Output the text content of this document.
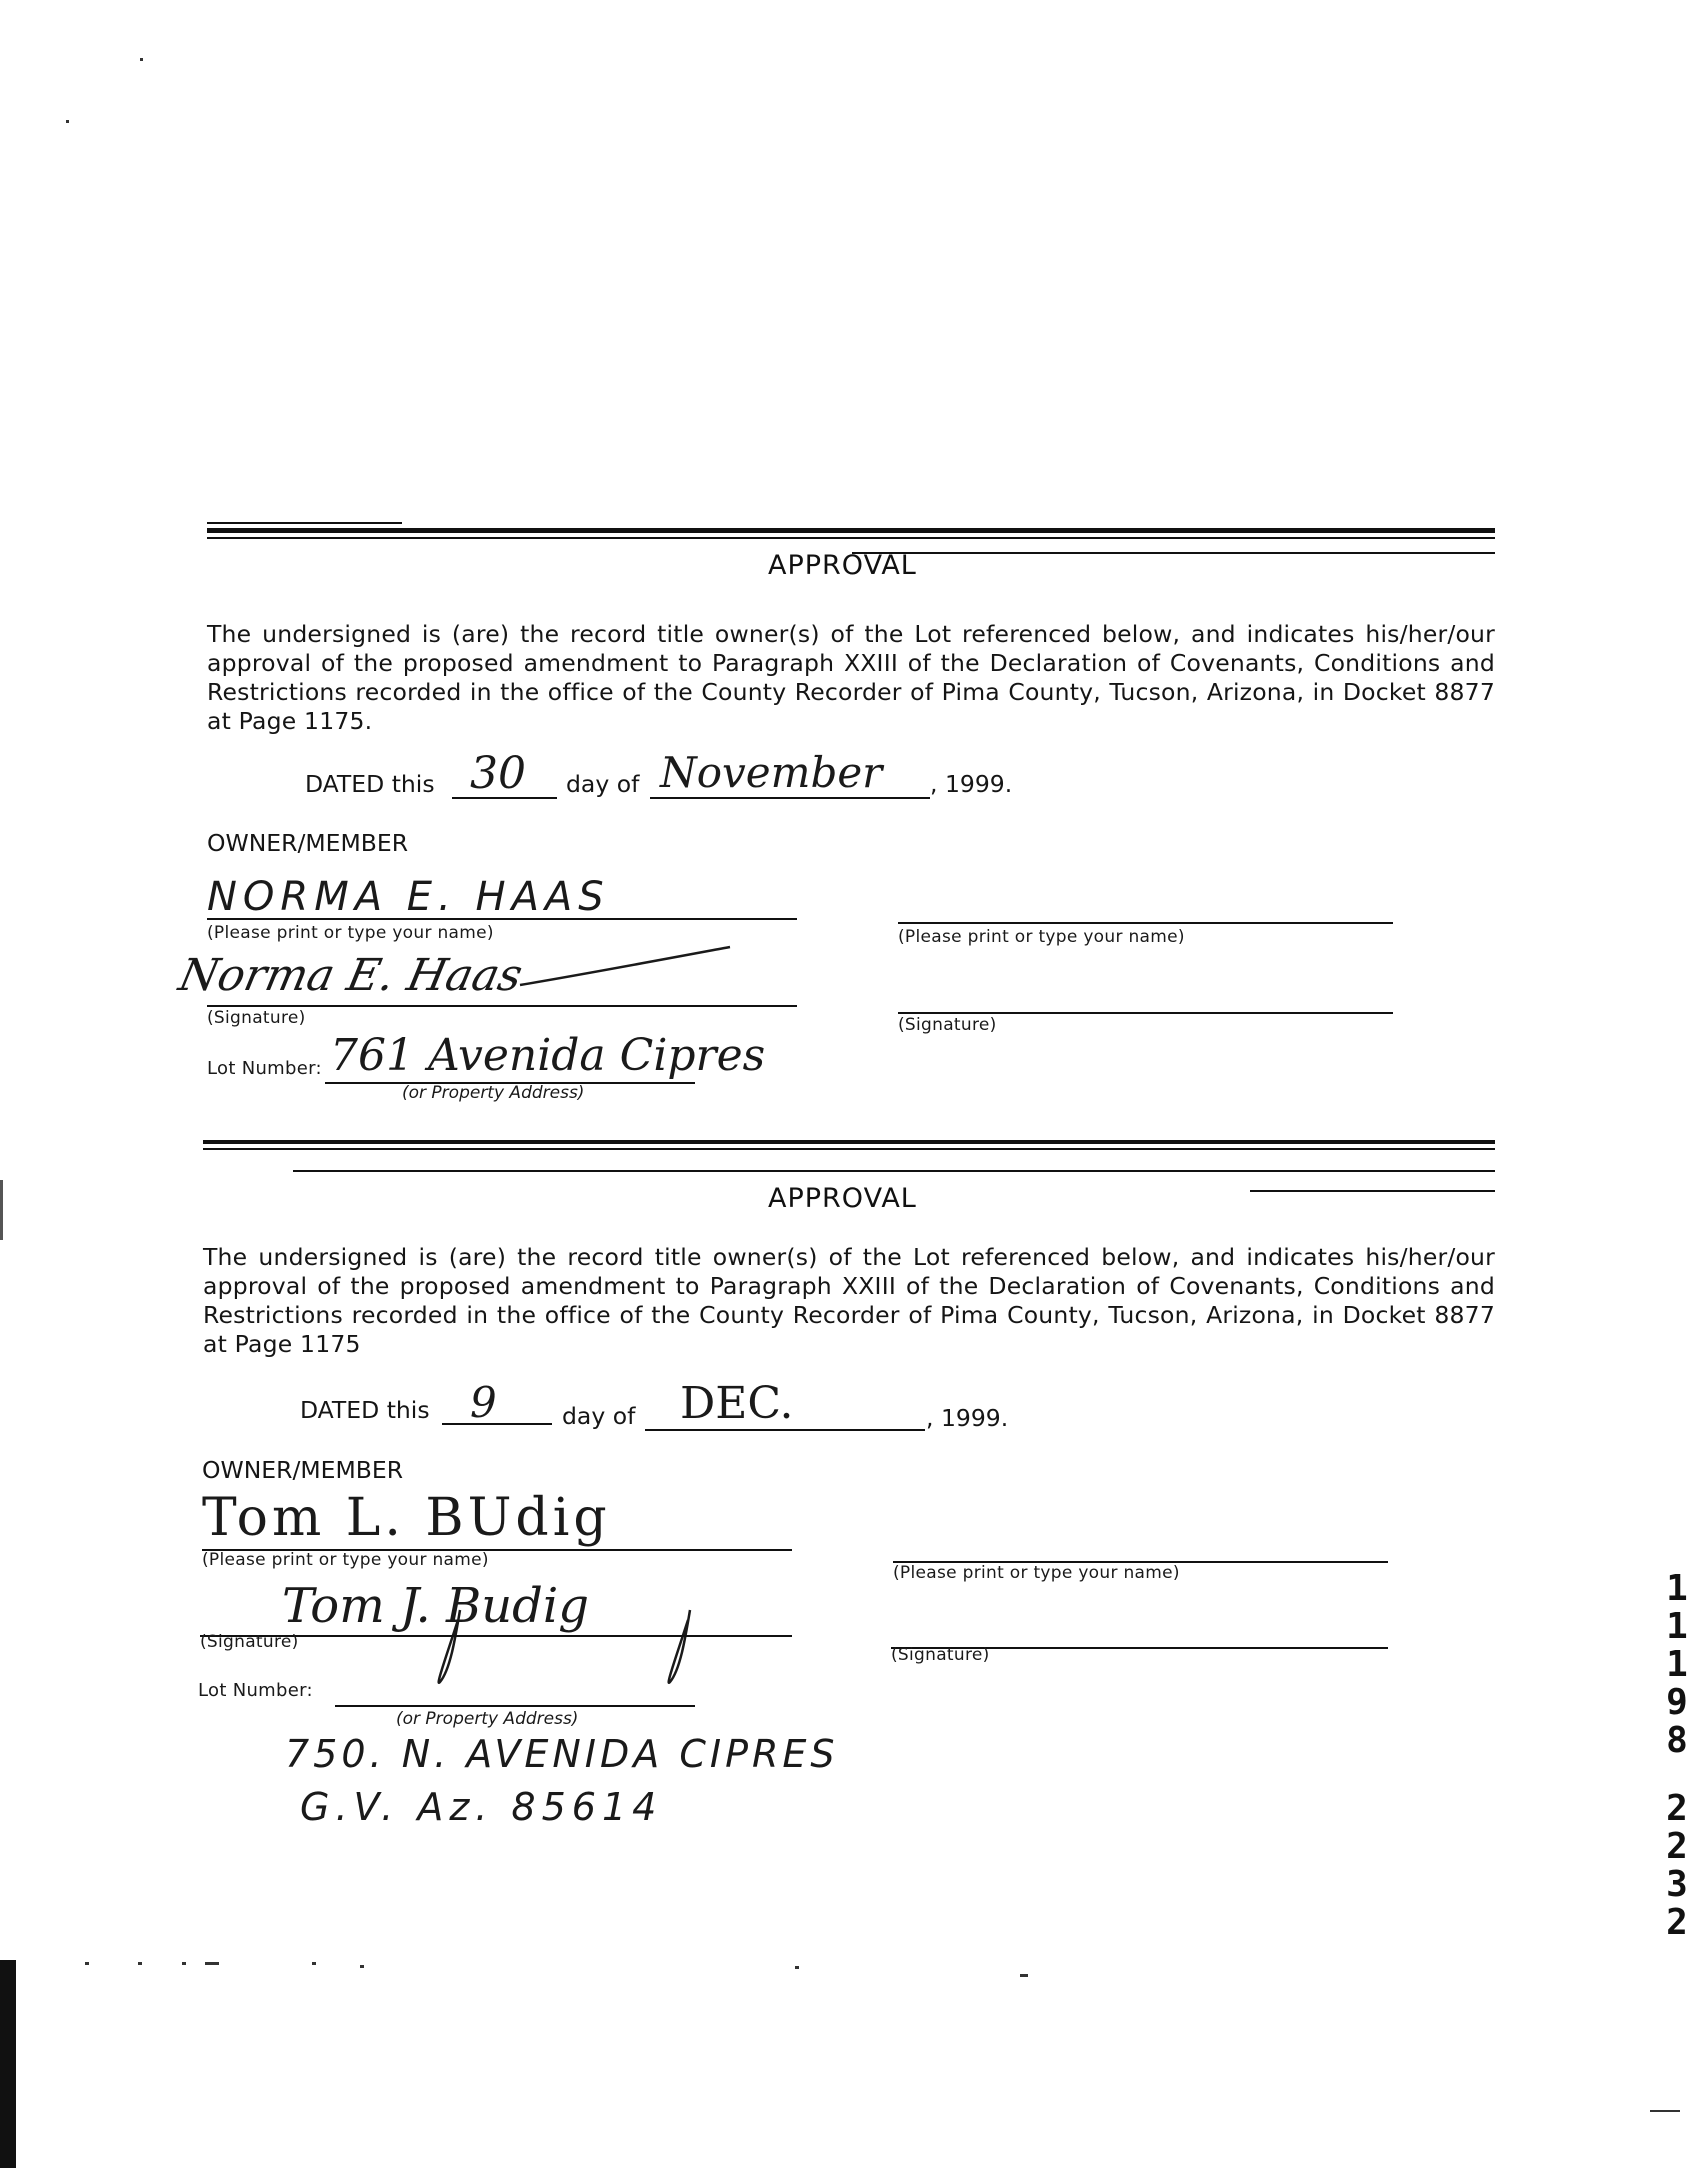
APPROVAL
The undersigned is (are) the record title owner(s) of the Lot referenced below, and indicates his/her/our approval of the proposed amendment to Paragraph XXIII of the Declaration of Covenants, Conditions and Restrictions recorded in the office of the County Recorder of Pima County, Tucson, Arizona, in Docket 8877 at Page 1175.
DATED this 30 day of November , 1999.
OWNER/MEMBER
NORMA E. HAAS
(Please print or type your name)	(Please print or type your name)
Norma E. Haas
(Signature)	(Signature)
Lot Number: 761 Avenida Cipres
(or Property Address)
APPROVAL
The undersigned is (are) the record title owner(s) of the Lot referenced below, and indicates his/her/our approval of the proposed amendment to Paragraph XXIII of the Declaration of Covenants, Conditions and Restrictions recorded in the office of the County Recorder of Pima County, Tucson, Arizona, in Docket 8877 at Page 1175
DATED this 9	day of DEC.	, 1999.
OWNER/MEMBER
Tom L. BUdig
(Please print or type your name)
(Please print or type your name)
Tom J. Budig
(Signature)
(Signature)
Lot Number:
(or Property Address)
750. N. AVENIDA CIPRES
G.V. Az. 85614
1
1
1
9
8
2
2
3
2
